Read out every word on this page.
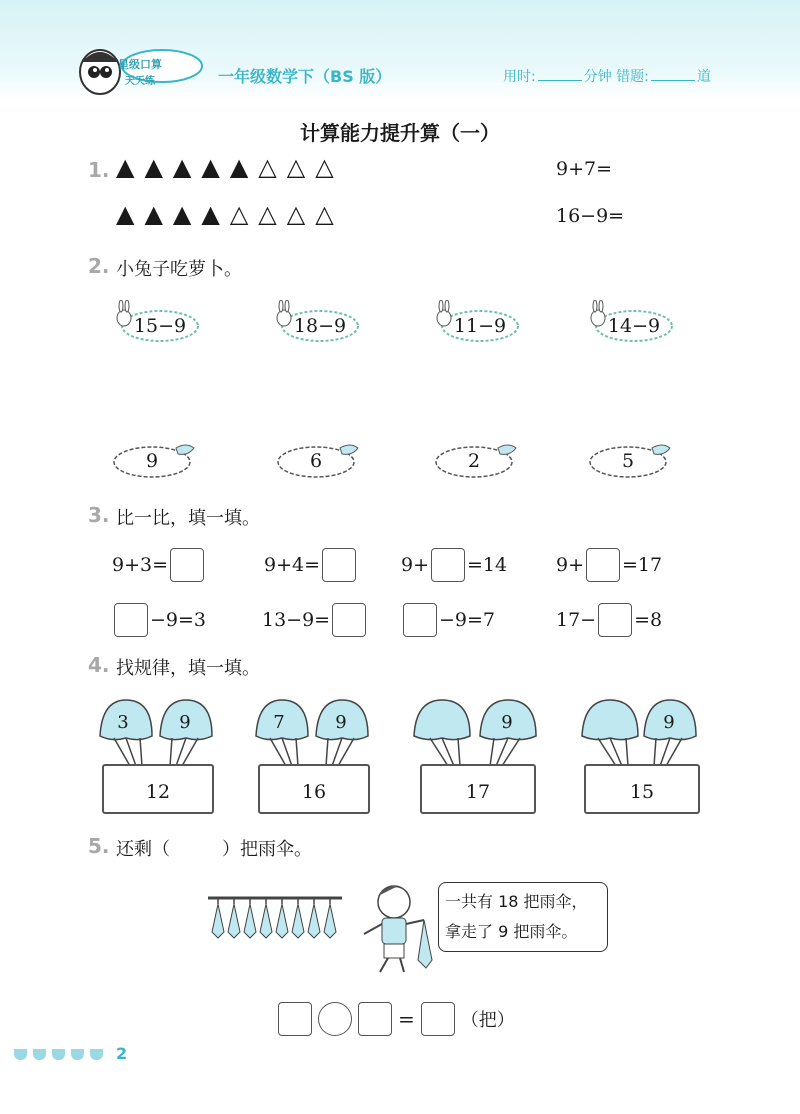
星级口算
天天练	一年级数学下（BS 版）	用时:	分钟 错题:	道
计算能力提升算（一）
1. ▲▲▲▲▲△△△	9+7=
▲▲▲▲△△△△	16−9=
2. 小兔子吃萝卜。
15−9	18−9	11−9	14−9
9	6	2	5
3. 比一比，填一填。
9+3=	9+4=	9+ =14	9+ =17
−9=3	13−9=	−9=7	17− =8
4. 找规律，填一填。
3	9
12
7	9
16
9
17
9
15
5. 还剩（	）把雨伞。
一共有 18 把雨伞，
拿走了 9 把雨伞。
=	（把）
2
